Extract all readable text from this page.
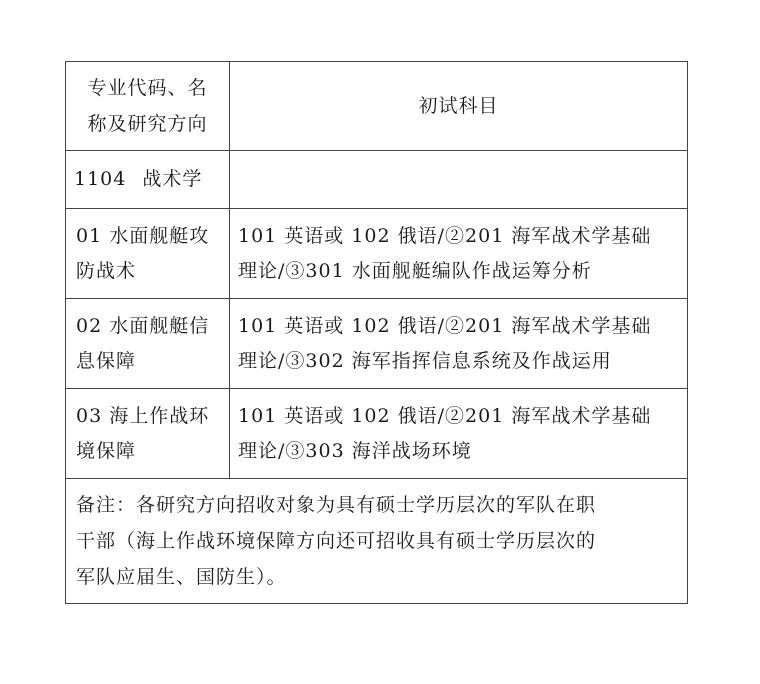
专业代码、名
称及研究方向	初试科目
1104 战术学	

01 水面舰艇攻
防战术	101 英语或 102 俄语/②201 海军战术学基础
理论/③301 水面舰艇编队作战运筹分析

02 水面舰艇信
息保障	101 英语或 102 俄语/②201 海军战术学基础
理论/③302 海军指挥信息系统及作战运用

03 海上作战环
境保障	101 英语或 102 俄语/②201 海军战术学基础
理论/③303 海洋战场环境

备注：各研究方向招收对象为具有硕士学历层次的军队在职
干部（海上作战环境保障方向还可招收具有硕士学历层次的
军队应届生、国防生）。	
